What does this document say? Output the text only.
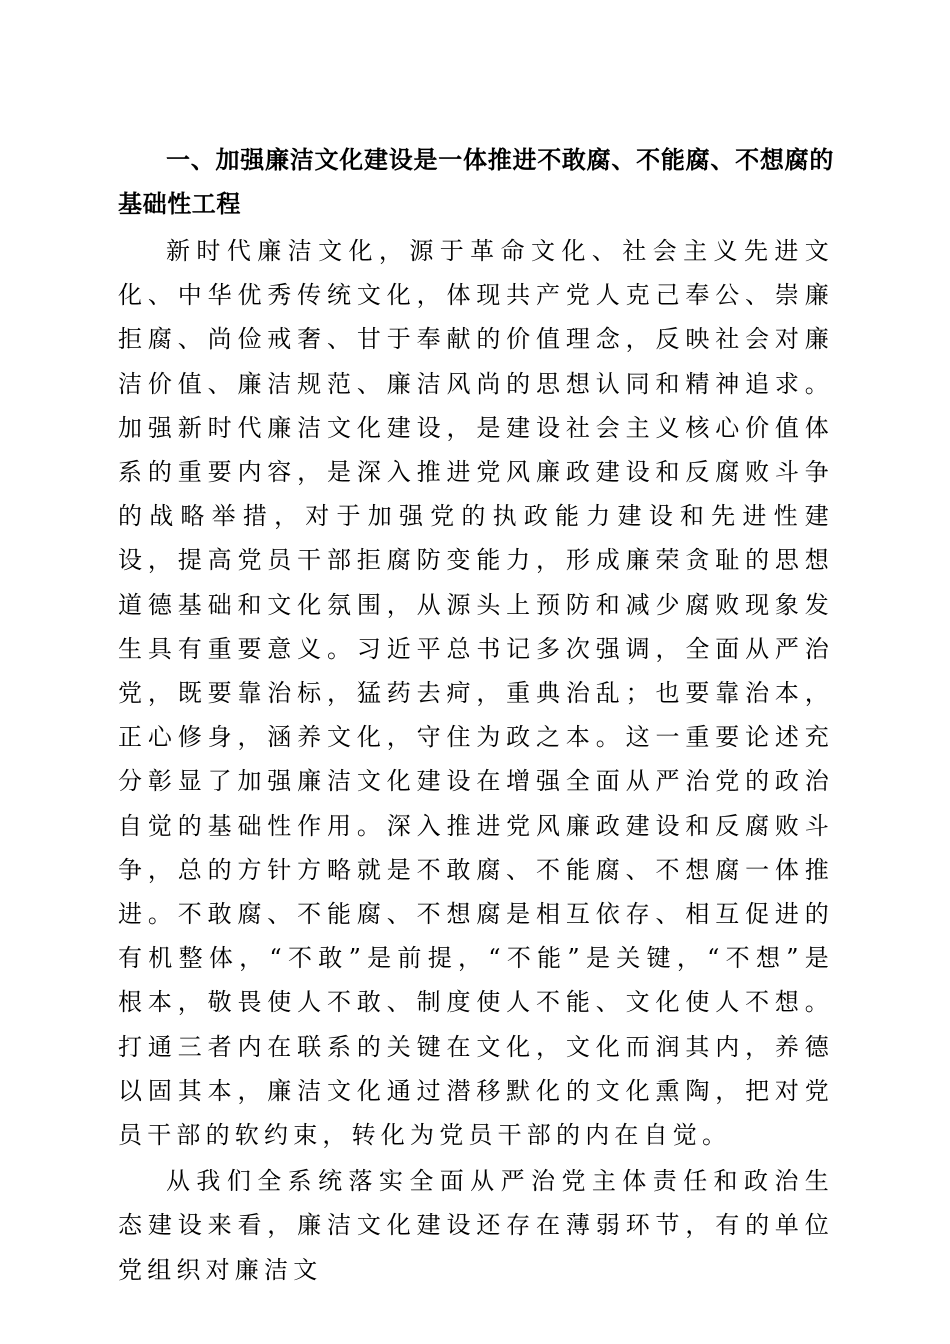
一、加强廉洁文化建设是一体推进不敢腐、不能腐、不想腐的基础性工程

新时代廉洁文化，源于革命文化、社会主义先进文化、中华优秀传统文化，体现共产党人克己奉公、崇廉拒腐、尚俭戒奢、甘于奉献的价值理念，反映社会对廉洁价值、廉洁规范、廉洁风尚的思想认同和精神追求。加强新时代廉洁文化建设，是建设社会主义核心价值体系的重要内容，是深入推进党风廉政建设和反腐败斗争的战略举措，对于加强党的执政能力建设和先进性建设，提高党员干部拒腐防变能力，形成廉荣贪耻的思想道德基础和文化氛围，从源头上预防和减少腐败现象发生具有重要意义。习近平总书记多次强调，全面从严治党，既要靠治标，猛药去疴，重典治乱；也要靠治本，正心修身，涵养文化，守住为政之本。这一重要论述充分彰显了加强廉洁文化建设在增强全面从严治党的政治自觉的基础性作用。深入推进党风廉政建设和反腐败斗争，总的方针方略就是不敢腐、不能腐、不想腐一体推进。不敢腐、不能腐、不想腐是相互依存、相互促进的有机整体，“不敢”是前提，“不能”是关键，“不想”是根本，敬畏使人不敢、制度使人不能、文化使人不想。打通三者内在联系的关键在文化，文化而润其内，养德以固其本，廉洁文化通过潜移默化的文化熏陶，把对党员干部的软约束，转化为党员干部的内在自觉。

从我们全系统落实全面从严治党主体责任和政治生态建设来看，廉洁文化建设还存在薄弱环节，有的单位党组织对廉洁文
